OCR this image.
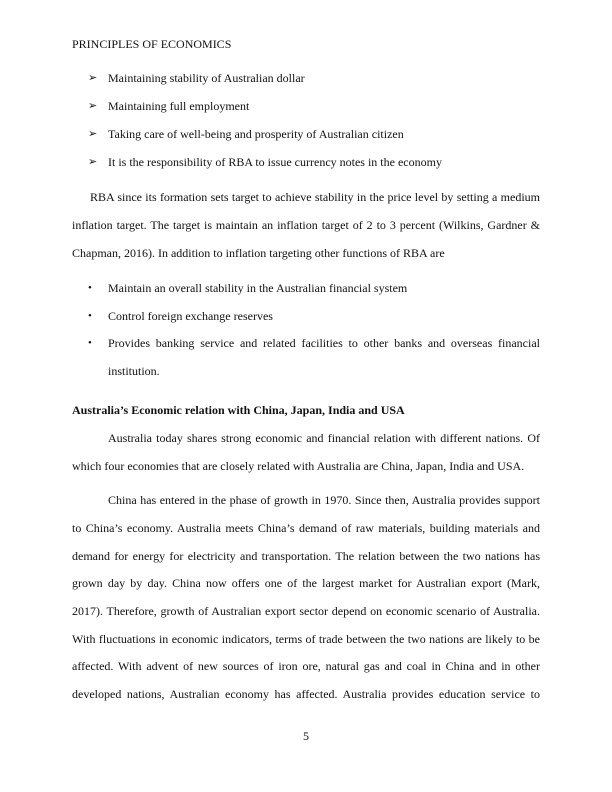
PRINCIPLES OF ECONOMICS
➢ Maintaining stability of Australian dollar
➢ Maintaining full employment
➢ Taking care of well-being and prosperity of Australian citizen
➢ It is the responsibility of RBA to issue currency notes in the economy
RBA since its formation sets target to achieve stability in the price level by setting a medium
inflation target. The target is maintain an inflation target of 2 to 3 percent (Wilkins, Gardner &
Chapman, 2016). In addition to inflation targeting other functions of RBA are
• Maintain an overall stability in the Australian financial system
• Control foreign exchange reserves
• Provides banking service and related facilities to other banks and overseas financial
institution.
Australia’s Economic relation with China, Japan, India and USA
Australia today shares strong economic and financial relation with different nations. Of
which four economies that are closely related with Australia are China, Japan, India and USA.
China has entered in the phase of growth in 1970. Since then, Australia provides support
to China’s economy. Australia meets China’s demand of raw materials, building materials and
demand for energy for electricity and transportation. The relation between the two nations has
grown day by day. China now offers one of the largest market for Australian export (Mark,
2017). Therefore, growth of Australian export sector depend on economic scenario of Australia.
With fluctuations in economic indicators, terms of trade between the two nations are likely to be
affected. With advent of new sources of iron ore, natural gas and coal in China and in other
developed nations, Australian economy has affected. Australia provides education service to
5
